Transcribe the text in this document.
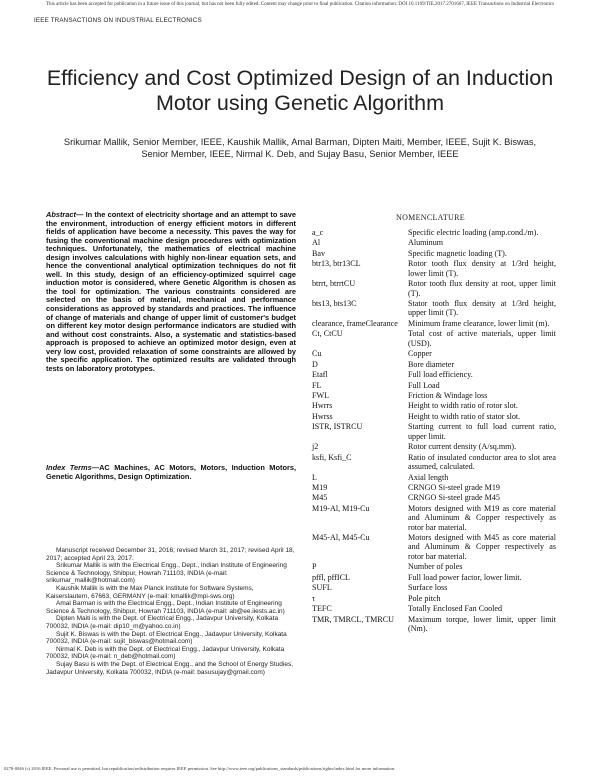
This article has been accepted for publication in a future issue of this journal, but has not been fully edited. Content may change prior to final publication. Citation information: DOI 10.1109/TIE.2017.2701667, IEEE Transactions on Industrial Electronics
IEEE TRANSACTIONS ON INDUSTRIAL ELECTRONICS
Efficiency and Cost Optimized Design of an Induction Motor using Genetic Algorithm
Srikumar Mallik, Senior Member, IEEE, Kaushik Mallik, Amal Barman, Dipten Maiti, Member, IEEE, Sujit K. Biswas, Senior Member, IEEE, Nirmal K. Deb, and Sujay Basu, Senior Member, IEEE
Abstract— In the context of electricity shortage and an attempt to save the environment, introduction of energy efficient motors in different fields of application have become a necessity. This paves the way for fusing the conventional machine design procedures with optimization techniques. Unfortunately, the mathematics of electrical machine design involves calculations with highly non-linear equation sets, and hence the conventional analytical optimization techniques do not fit well. In this study, design of an efficiency-optimized squirrel cage induction motor is considered, where Genetic Algorithm is chosen as the tool for optimization. The various constraints considered are selected on the basis of material, mechanical and performance considerations as approved by standards and practices. The influence of change of materials and change of upper limit of customer's budget on different key motor design performance indicators are studied with and without cost constraints. Also, a systematic and statistics-based approach is proposed to achieve an optimized motor design, even at very low cost, provided relaxation of some constraints are allowed by the specific application. The optimized results are validated through tests on laboratory prototypes.
Index Terms—AC Machines, AC Motors, Motors, Induction Motors, Genetic Algorithms, Design Optimization.

Manuscript received December 31, 2016; revised March 31, 2017; revised April 18, 2017; accepted April 23, 2017.

Srikumar Mallik is with the Electrical Engg., Dept., Indian Institute of Engineering Science & Technology, Shibpur, Howrah 711103, INDIA (e-mail: srikumar_mallik@hotmail.com)

Kaushik Mallik is with the Max Planck Institute for Software Systems, Kaiserslautern, 67663, GERMANY (e-mail: kmallik@mpi-sws.org)

Amal Barman is with the Electrical Engg., Dept., Indian Institute of Engineering Science & Technology, Shibpur, Howrah 711103, INDIA (e-mail: ab@ee.iiests.ac.in)

Dipten Maiti is with the Dept. of Electrical Engg., Jadavpur University, Kolkata 700032, INDIA (e-mail: dip10_m@yahoo.co.in)

Sujit K. Biswas is with the Dept. of Electrical Engg., Jadavpur University, Kolkata 700032, INDIA (e-mail: sujit_biswas@hotmail.com)

Nirmal K. Deb is with the Dept. of Electrical Engg., Jadavpur University, Kolkata 700032, INDIA (e-mail: n_deb@hotmail.com)

Sujay Basu is with the Dept. of Electrical Engg., and the School of Energy Studies, Jadavpur University, Kolkata 700032, INDIA (e-mail: basusujay@gmail.com)

NOMENCLATURE
a_c	Specific electric loading (amp.cond./m).
Al	Aluminum
Bav	Specific magnetic loading (T).
btr13, btr13CL	Rotor tooth flux density at 1/3rd height, lower limit (T).
btrrt, btrrtCU	Rotor tooth flux density at root, upper limit (T).
bts13, bts13C	Stator tooth flux density at 1/3rd height, upper limit (T).
clearance, frameClearance	Minimum frame clearance, lower limit (m).
Ct, CtCU	Total cost of active materials, upper limit (USD).
Cu	Copper
D	Bore diameter
Etafl	Full load efficiency.
FL	Full Load
FWL	Friction & Windage loss
Hwrrs	Height to width ratio of rotor slot.
Hwrss	Height to width ratio of stator slot.
ISTR, ISTRCU	Starting current to full load current ratio, upper limit.
j2	Rotor current density (A/sq.mm).
ksfi, Ksfi_C	Ratio of insulated conductor area to slot area assumed, calculated.
L	Axial length
M19	CRNGO Si-steel grade M19
M45	CRNGO Si-steel grade M45
M19-Al, M19-Cu	Motors designed with M19 as core material and Aluminum & Copper respectively as rotor bar material.
M45-Al, M45-Cu	Motors designed with M45 as core material and Aluminum & Copper respectively as rotor bar material.
P	Number of poles
pffl, pffICL	Full load power factor, lower limit.
SUFL	Surface loss
τ	Pole pitch
TEFC	Totally Enclosed Fan Cooled
TMR, TMRCL, TMRCU	Maximum torque, lower limit, upper limit (Nm).
0278-0046 (c) 2016 IEEE. Personal use is permitted, but republication/redistribution requires IEEE permission. See http://www.ieee.org/publications_standards/publications/rights/index.html for more information.
